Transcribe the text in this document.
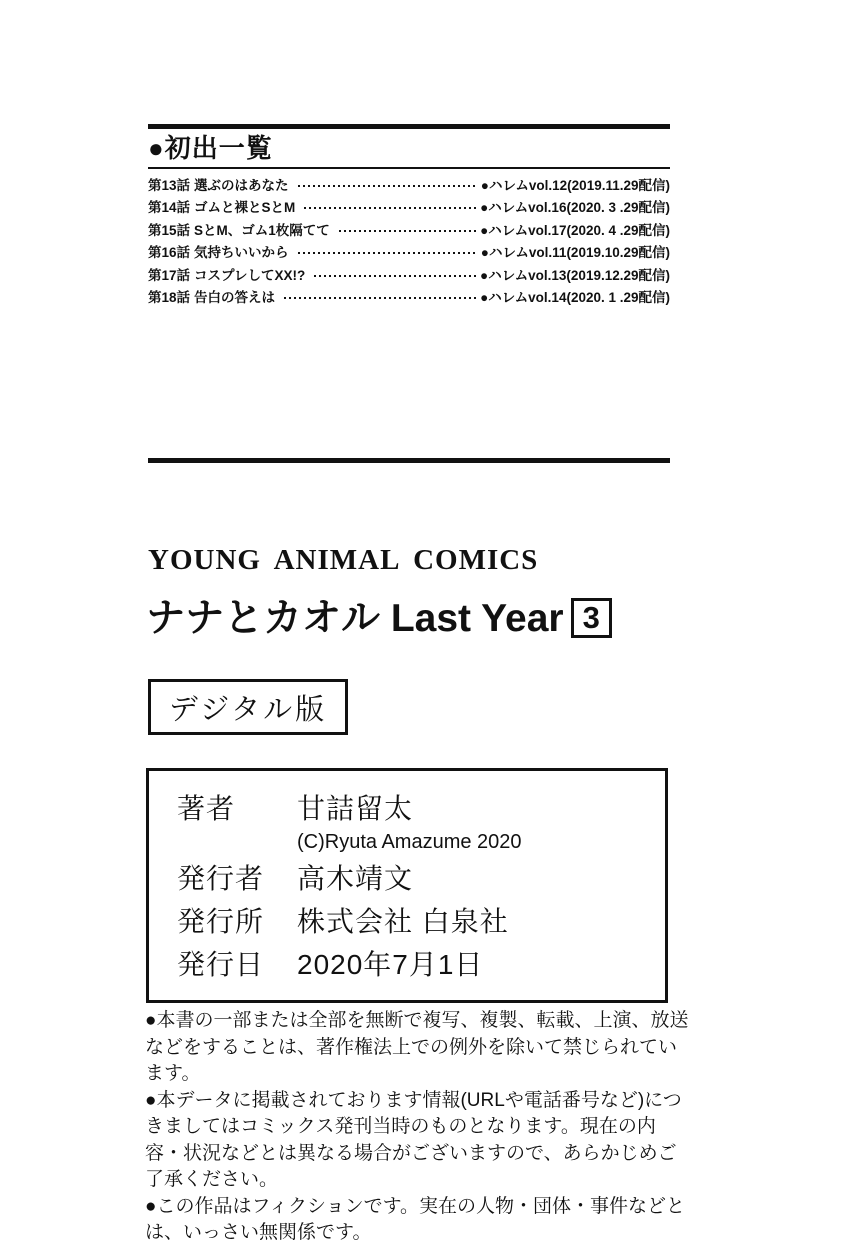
●初出一覧
第13話 選ぶのはあなた	●ハレムvol.12(2019.11.29配信)
第14話 ゴムと裸とSとM	●ハレムvol.16(2020. 3 .29配信)
第15話 SとM、ゴム1枚隔てて	●ハレムvol.17(2020. 4 .29配信)
第16話 気持ちいいから	●ハレムvol.11(2019.10.29配信)
第17話 コスプレしてXX!?	●ハレムvol.13(2019.12.29配信)
第18話 告白の答えは	●ハレムvol.14(2020. 1 .29配信)
YOUNG ANIMAL COMICS
ナナとカオル Last Year 3
デジタル版
著者	甘詰留太
(C)Ryuta Amazume 2020
発行者	高木靖文
発行所	株式会社 白泉社
発行日	2020年7月1日

●本書の一部または全部を無断で複写、複製、転載、上演、放送などをすることは、著作権法上での例外を除いて禁じられています。

●本データに掲載されております情報(URLや電話番号など)につきましてはコミックス発刊当時のものとなります。現在の内容・状況などとは異なる場合がございますので、あらかじめご了承ください。

●この作品はフィクションです。実在の人物・団体・事件などとは、いっさい無関係です。
